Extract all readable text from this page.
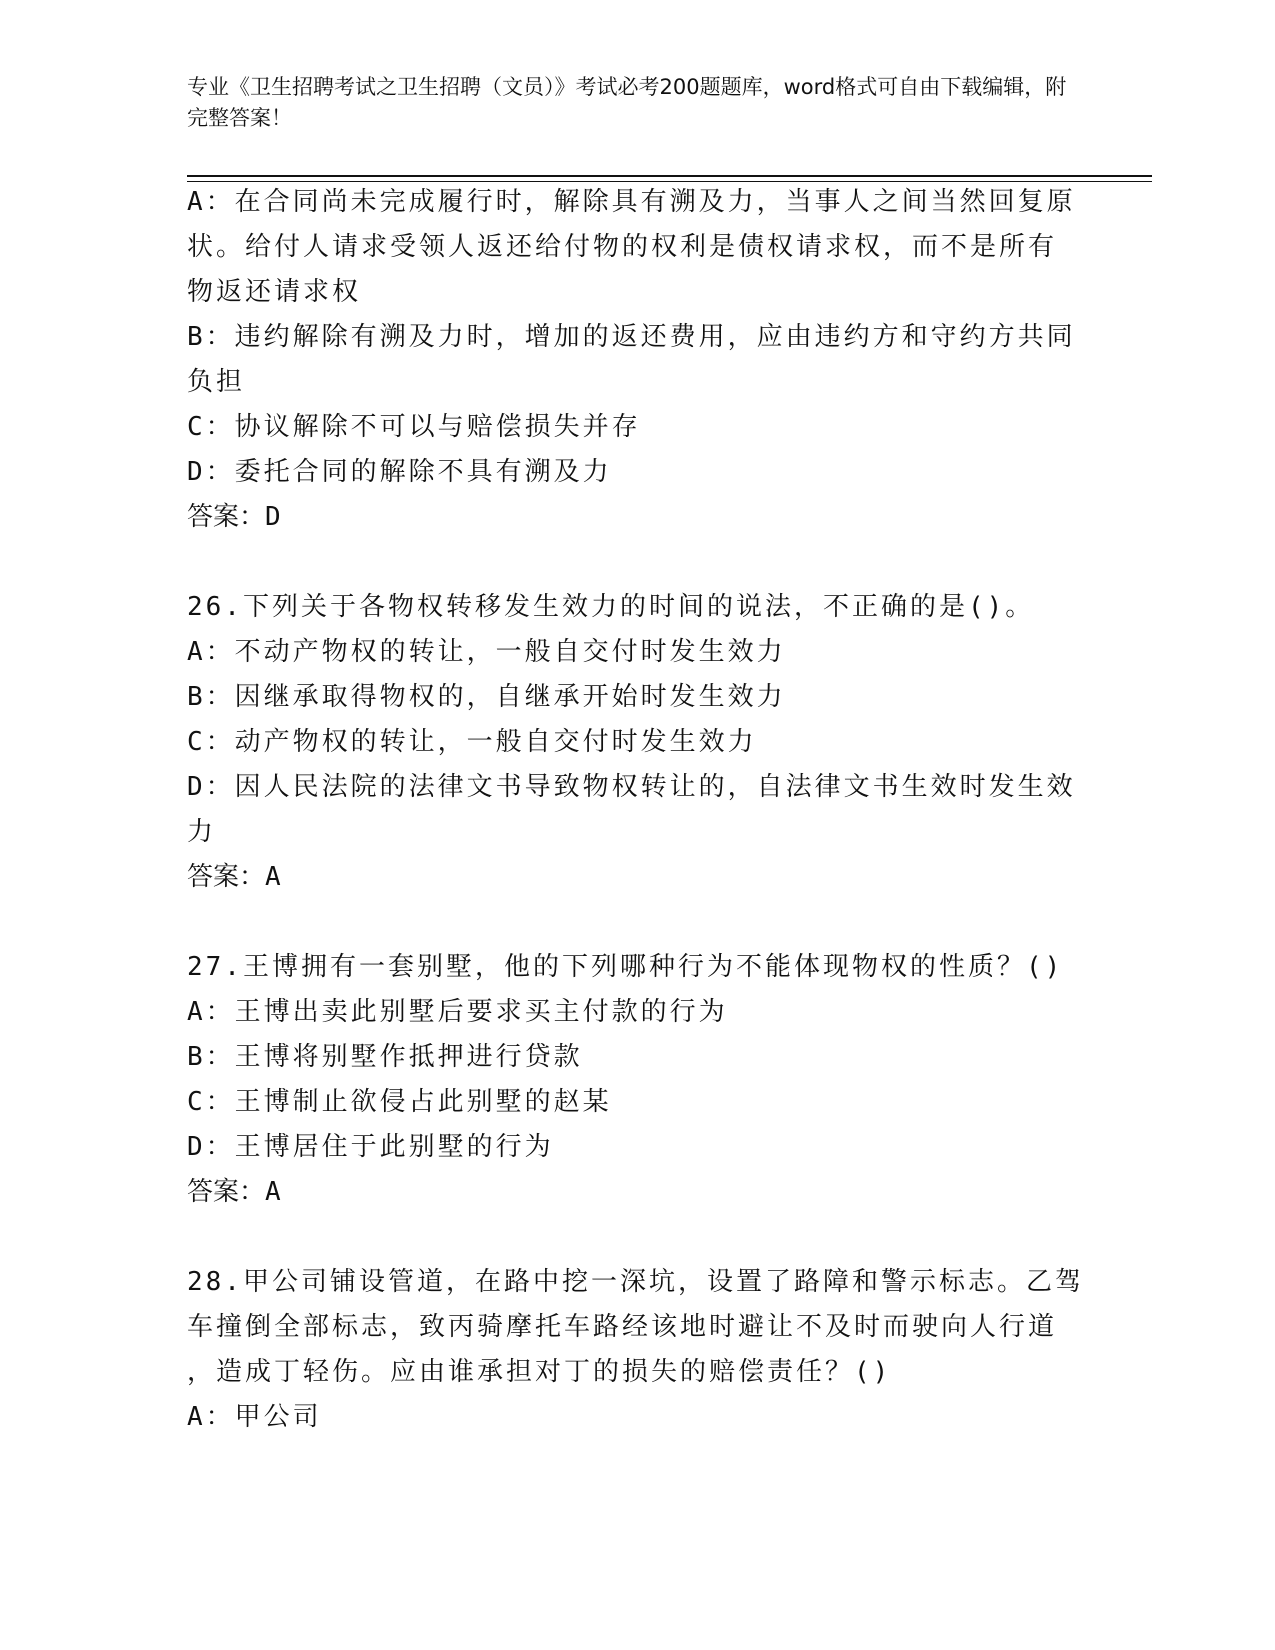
专业《卫生招聘考试之卫生招聘（文员）》考试必考200题题库，word格式可自由下载编辑，附完整答案！
A：在合同尚未完成履行时，解除具有溯及力，当事人之间当然回复原
状。给付人请求受领人返还给付物的权利是债权请求权，而不是所有
物返还请求权
B：违约解除有溯及力时，增加的返还费用，应由违约方和守约方共同
负担
C：协议解除不可以与赔偿损失并存
D：委托合同的解除不具有溯及力
答案：D
26.下列关于各物权转移发生效力的时间的说法，不正确的是()。
A：不动产物权的转让，一般自交付时发生效力
B：因继承取得物权的，自继承开始时发生效力
C：动产物权的转让，一般自交付时发生效力
D：因人民法院的法律文书导致物权转让的，自法律文书生效时发生效
力
答案：A
27.王博拥有一套别墅，他的下列哪种行为不能体现物权的性质？()
A：王博出卖此别墅后要求买主付款的行为
B：王博将别墅作抵押进行贷款
C：王博制止欲侵占此别墅的赵某
D：王博居住于此别墅的行为
答案：A
28.甲公司铺设管道，在路中挖一深坑，设置了路障和警示标志。乙驾
车撞倒全部标志，致丙骑摩托车路经该地时避让不及时而驶向人行道
，造成丁轻伤。应由谁承担对丁的损失的赔偿责任？()
A：甲公司
